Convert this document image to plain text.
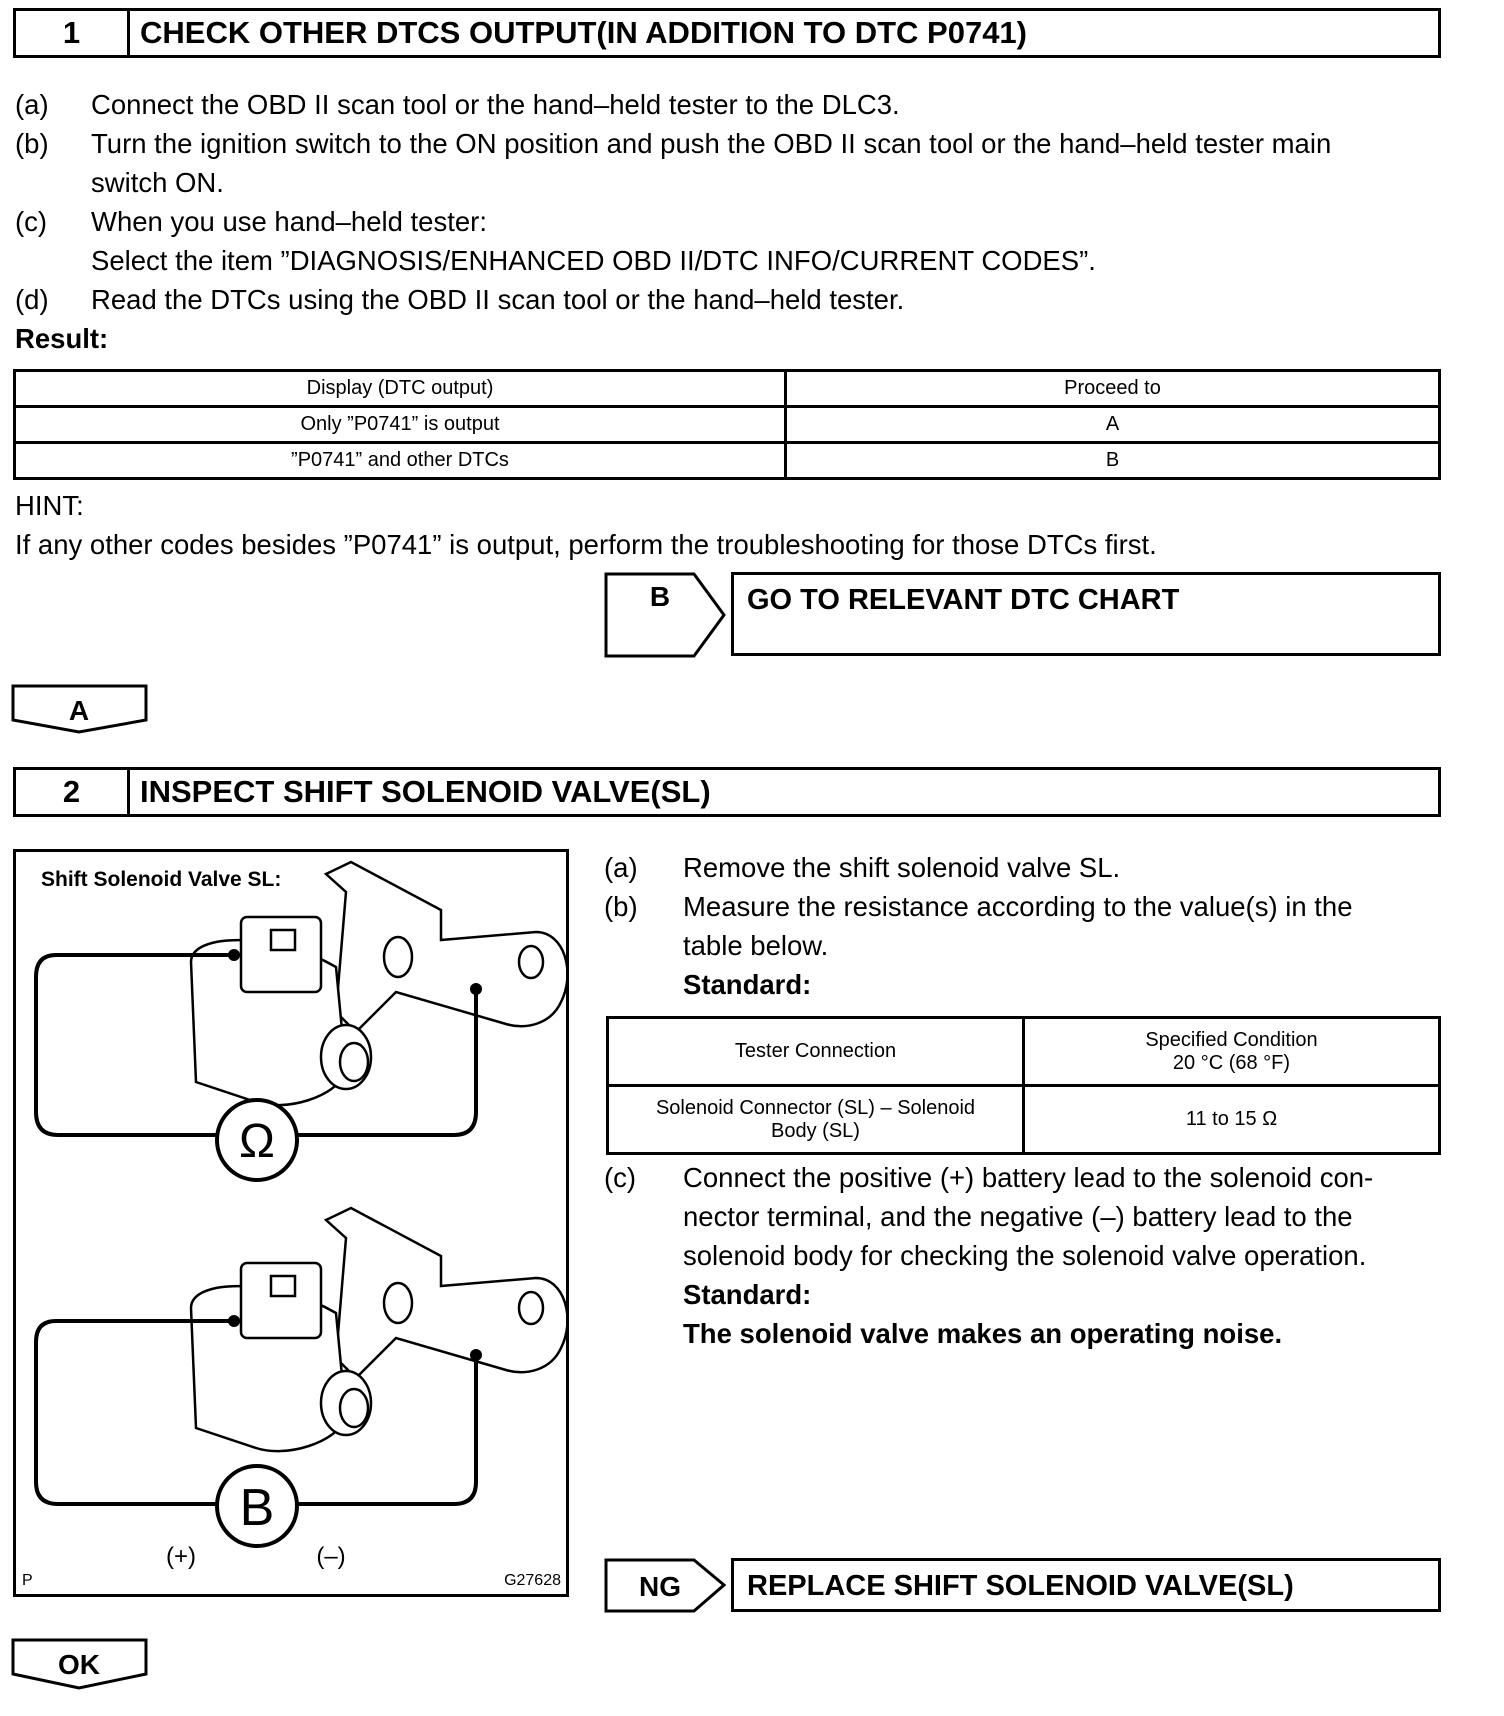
1	CHECK OTHER DTCS OUTPUT(IN ADDITION TO DTC P0741)
(a) Connect the OBD II scan tool or the hand–held tester to the DLC3.
(b) Turn the ignition switch to the ON position and push the OBD II scan tool or the hand–held tester main
switch ON.
(c) When you use hand–held tester:
Select the item ”DIAGNOSIS/ENHANCED OBD II/DTC INFO/CURRENT CODES”.
(d) Read the DTCs using the OBD II scan tool or the hand–held tester.
Result:
Display (DTC output)	Proceed to
Only ”P0741” is output	A
”P0741” and other DTCs	B
HINT:
If any other codes besides ”P0741” is output, perform the troubleshooting for those DTCs first.
B	GO TO RELEVANT DTC CHART
A
2	INSPECT SHIFT SOLENOID VALVE(SL)
Shift Solenoid Valve SL:
Ω
B
(+)	(–)
P	G27628
(a) Remove the shift solenoid valve SL.
(b) Measure the resistance according to the value(s) in the
table below.
Standard:
Tester Connection	Specified Condition
20 °C (68 °F)

Solenoid Connector (SL) – Solenoid
Body (SL)	11 to 15 Ω
(c) Connect the positive (+) battery lead to the solenoid con-
nector terminal, and the negative (–) battery lead to the
solenoid body for checking the solenoid valve operation.
Standard:
The solenoid valve makes an operating noise.
NG	REPLACE SHIFT SOLENOID VALVE(SL)
OK
